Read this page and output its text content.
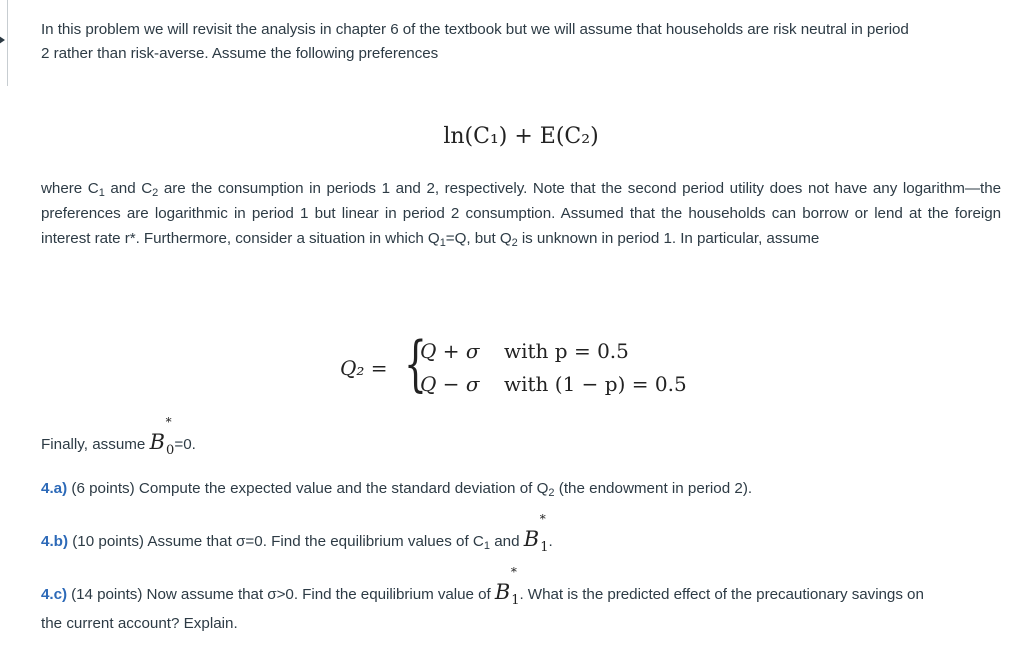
In this problem we will revisit the analysis in chapter 6 of the textbook but we will assume that households are risk neutral in period
2 rather than risk-averse. Assume the following preferences
ln(C₁) + E(C₂)
where $C_1$ and $C_2$ are the consumption in periods 1 and 2, respectively. Note that the second period utility does not have any logarithm—the preferences are logarithmic in period 1 but linear in period 2 consumption. Assumed that the households can borrow or lend at the foreign interest rate r*. Furthermore, consider a situation in which $Q_1=Q$, but $Q_2$ is unknown in period 1. In particular, assume
Q₂ = {
Q + σ
Q − σ
with p = 0.5
with (1 − p) = 0.5
Finally, assume B
*
$_0$=0.
4.a) (6 points) Compute the expected value and the standard deviation of $Q_2$ (the endowment in period 2).
4.b) (10 points) Assume that σ=0. Find the equilibrium values of $C_1$ and B
*
$_1$.
4.c) (14 points) Now assume that σ>0. Find the equilibrium value of B
*
$_1$. What is the predicted effect of the precautionary savings on
the current account? Explain.
